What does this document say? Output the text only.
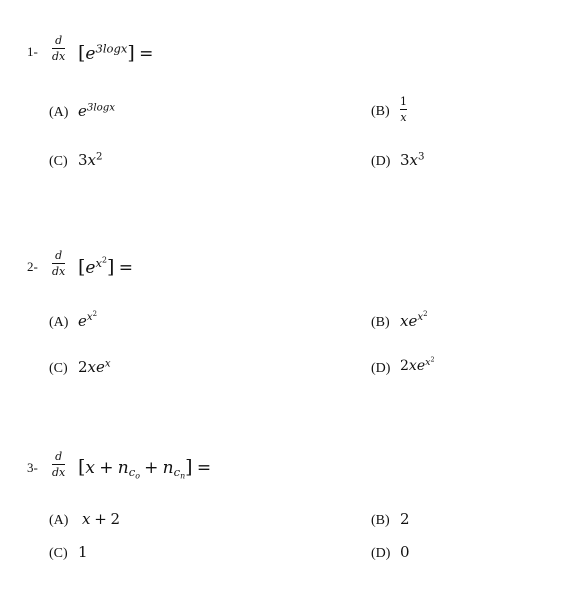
1-
d
dx $[e^{3logx}]$ =
(A) $e^{3logx}$	(B)
1
x
(C) $3x^2$	(D) $3x^3$
2-
d
dx $[e^{x^2}]$ =
(A) $e^{x^2}$
(B) $xe^{x^2}$
(C) $2xe^x$	(D) $2xe^{x^2}$
3-
d
dx $[x + n_{c_o} + n_{c_n}]$ =
(A) x + 2	(B) 2
(C) 1	(D) 0
